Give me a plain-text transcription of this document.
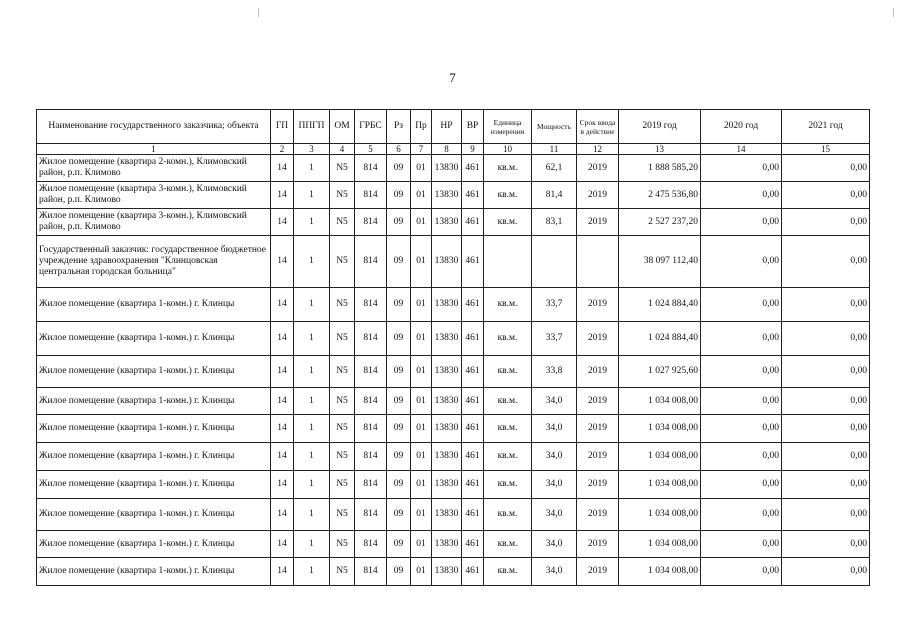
7
Наименование государственного заказчика; объекта	ГП	ППГП	ОМ	ГРБС	Рз	Пр	НР	ВР	Единица измерения	Мощность	Срок ввода в действие	2019 год	2020 год	2021 год
1	2	3	4	5	6	7	8	9	10	11	12	13	14	15
Жилое помещение (квартира 2-комн.), Климовский район, р.п. Климово	14	1	N5	814	09	01	13830	461	кв.м.	62,1	2019	1 888 585,20	0,00	0,00
Жилое помещение (квартира 3-комн.), Климовский район, р.п. Климово	14	1	N5	814	09	01	13830	461	кв.м.	81,4	2019	2 475 536,80	0,00	0,00
Жилое помещение (квартира 3-комн.), Климовский район, р.п. Климово	14	1	N5	814	09	01	13830	461	кв.м.	83,1	2019	2 527 237,20	0,00	0,00
Государственный заказчик: государственное бюджетное учреждение здравоохранения "Клинцовская центральная городская больница"	14	1	N5	814	09	01	13830	461				38 097 112,40	0,00	0,00
Жилое помещение (квартира 1-комн.) г. Клинцы	14	1	N5	814	09	01	13830	461	кв.м.	33,7	2019	1 024 884,40	0,00	0,00
Жилое помещение (квартира 1-комн.) г. Клинцы	14	1	N5	814	09	01	13830	461	кв.м.	33,7	2019	1 024 884,40	0,00	0,00
Жилое помещение (квартира 1-комн.) г. Клинцы	14	1	N5	814	09	01	13830	461	кв.м.	33,8	2019	1 027 925,60	0,00	0,00
Жилое помещение (квартира 1-комн.) г. Клинцы	14	1	N5	814	09	01	13830	461	кв.м.	34,0	2019	1 034 008,00	0,00	0,00
Жилое помещение (квартира 1-комн.) г. Клинцы	14	1	N5	814	09	01	13830	461	кв.м.	34,0	2019	1 034 008,00	0,00	0,00
Жилое помещение (квартира 1-комн.) г. Клинцы	14	1	N5	814	09	01	13830	461	кв.м.	34,0	2019	1 034 008,00	0,00	0,00
Жилое помещение (квартира 1-комн.) г. Клинцы	14	1	N5	814	09	01	13830	461	кв.м.	34,0	2019	1 034 008,00	0,00	0,00
Жилое помещение (квартира 1-комн.) г. Клинцы	14	1	N5	814	09	01	13830	461	кв.м.	34,0	2019	1 034 008,00	0,00	0,00
Жилое помещение (квартира 1-комн.) г. Клинцы	14	1	N5	814	09	01	13830	461	кв.м.	34,0	2019	1 034 008,00	0,00	0,00
Жилое помещение (квартира 1-комн.) г. Клинцы	14	1	N5	814	09	01	13830	461	кв.м.	34,0	2019	1 034 008,00	0,00	0,00
